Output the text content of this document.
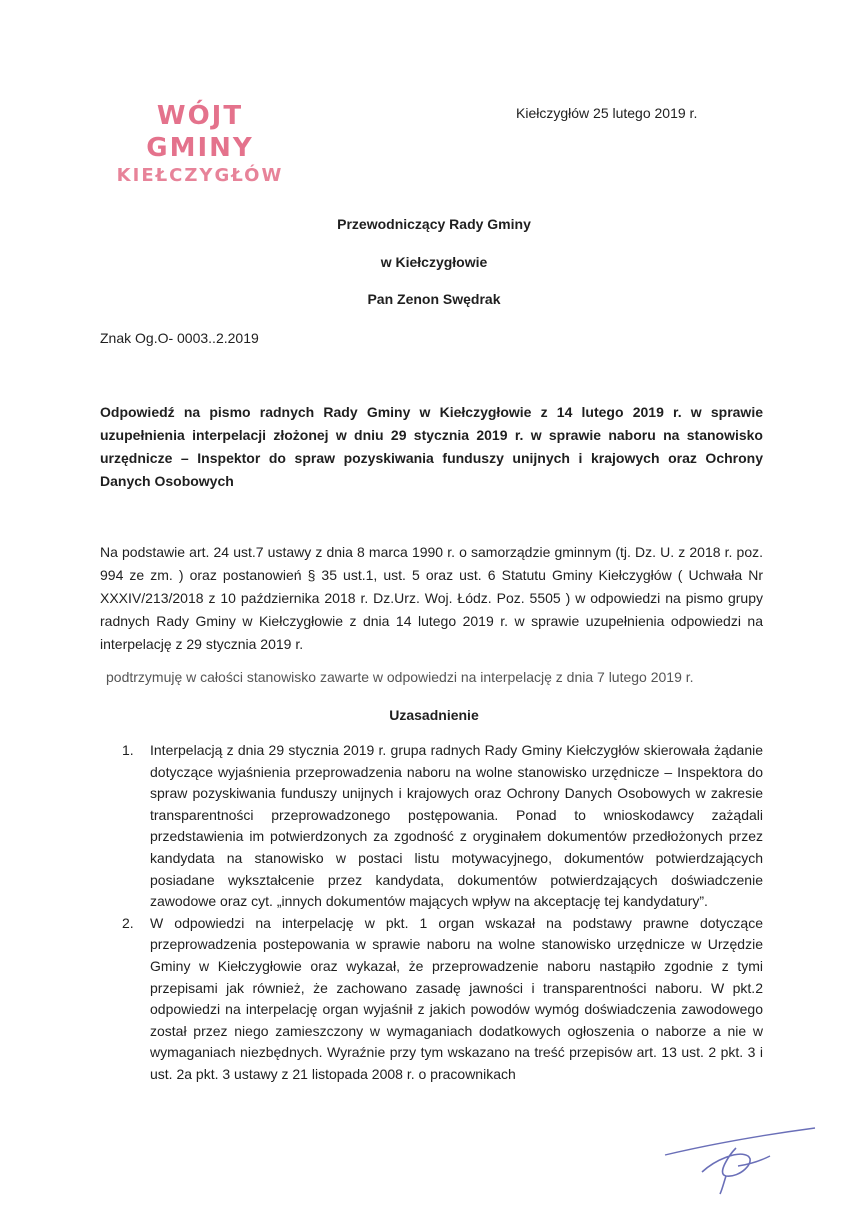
WÓJT GMINY
KIEŁCZYGŁÓW
Kiełczygłów 25 lutego 2019 r.
Przewodniczący Rady Gminy
w Kiełczygłowie
Pan Zenon Swędrak
Znak Og.O- 0003..2.2019
Odpowiedź na pismo radnych Rady Gminy w Kiełczygłowie z 14 lutego 2019 r. w sprawie uzupełnienia interpelacji złożonej w dniu 29 stycznia 2019 r. w sprawie naboru na stanowisko urzędnicze – Inspektor do spraw pozyskiwania funduszy unijnych i krajowych oraz Ochrony Danych Osobowych
Na podstawie art. 24 ust.7 ustawy z dnia 8 marca 1990 r. o samorządzie gminnym (tj. Dz. U. z 2018 r. poz. 994 ze zm. ) oraz postanowień § 35 ust.1, ust. 5 oraz ust. 6 Statutu Gminy Kiełczygłów ( Uchwała Nr XXXIV/213/2018 z 10 października 2018 r. Dz.Urz. Woj. Łódz. Poz. 5505 ) w odpowiedzi na pismo grupy radnych Rady Gminy w Kiełczygłowie z dnia 14 lutego 2019 r. w sprawie uzupełnienia odpowiedzi na interpelację z 29 stycznia 2019 r.
podtrzymuję w całości stanowisko zawarte w odpowiedzi na interpelację z dnia 7 lutego 2019 r.
Uzasadnienie
1. Interpelacją z dnia 29 stycznia 2019 r. grupa radnych Rady Gminy Kiełczygłów skierowała żądanie dotyczące wyjaśnienia przeprowadzenia naboru na wolne stanowisko urzędnicze – Inspektora do spraw pozyskiwania funduszy unijnych i krajowych oraz Ochrony Danych Osobowych w zakresie transparentności przeprowadzonego postępowania. Ponad to wnioskodawcy zażądali przedstawienia im potwierdzonych za zgodność z oryginałem dokumentów przedłożonych przez kandydata na stanowisko w postaci listu motywacyjnego, dokumentów potwierdzających posiadane wykształcenie przez kandydata, dokumentów potwierdzających doświadczenie zawodowe oraz cyt. „innych dokumentów mających wpływ na akceptację tej kandydatury”.
2. W odpowiedzi na interpelację w pkt. 1 organ wskazał na podstawy prawne dotyczące przeprowadzenia postepowania w sprawie naboru na wolne stanowisko urzędnicze w Urzędzie Gminy w Kiełczygłowie oraz wykazał, że przeprowadzenie naboru nastąpiło zgodnie z tymi przepisami jak również, że zachowano zasadę jawności i transparentności naboru. W pkt.2 odpowiedzi na interpelację organ wyjaśnił z jakich powodów wymóg doświadczenia zawodowego został przez niego zamieszczony w wymaganiach dodatkowych ogłoszenia o naborze a nie w wymaganiach niezbędnych. Wyraźnie przy tym wskazano na treść przepisów art. 13 ust. 2 pkt. 3 i ust. 2a pkt. 3 ustawy z 21 listopada 2008 r. o pracownikach
